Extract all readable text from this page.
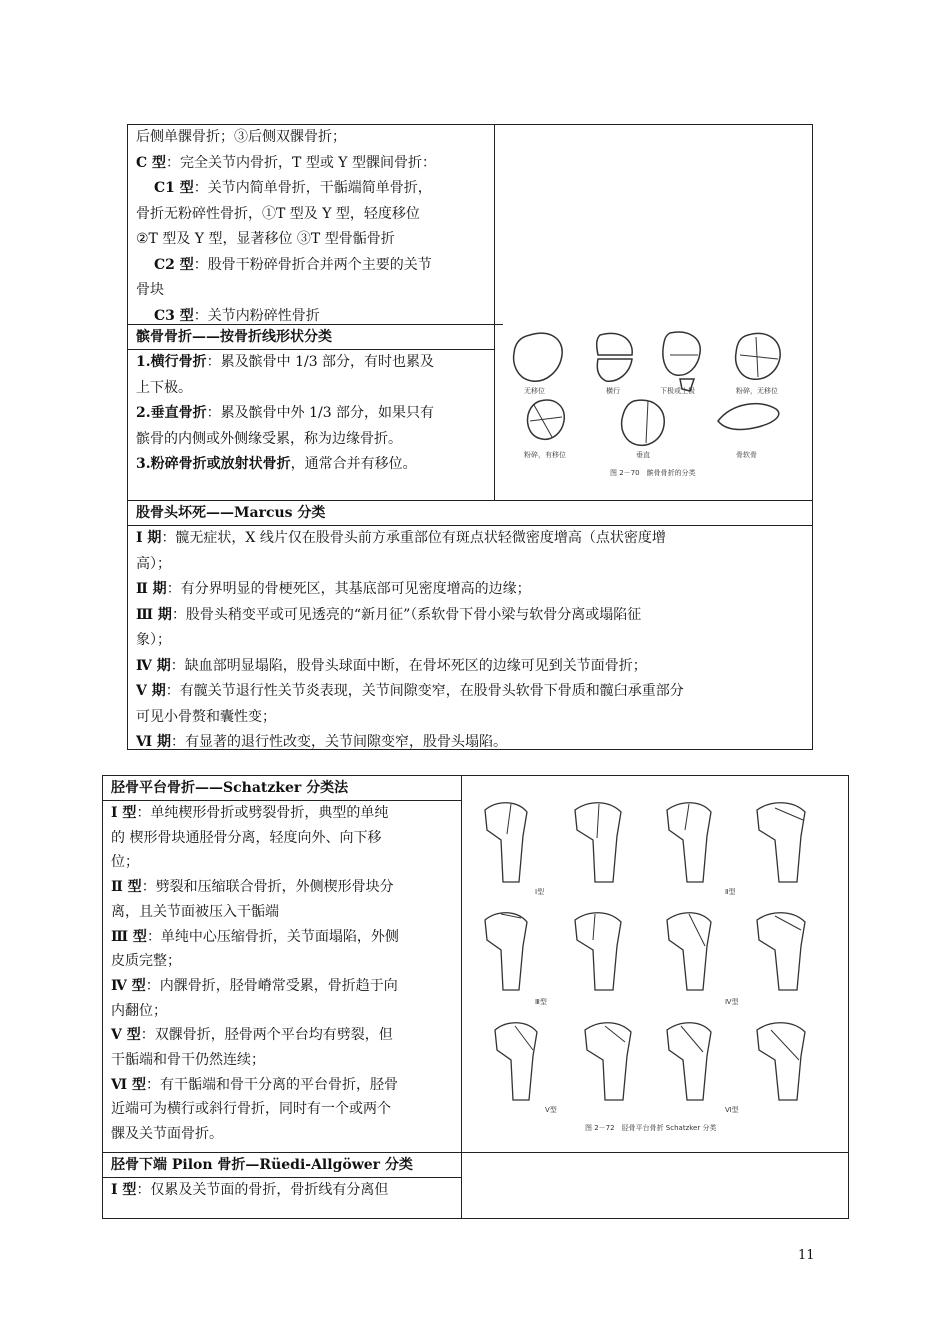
后侧单髁骨折；③后侧双髁骨折；
C 型：完全关节内骨折，T 型或 Y 型髁间骨折：
C1 型：关节内简单骨折，干骺端简单骨折，
骨折无粉碎性骨折，①T 型及 Y 型，轻度移位
②T 型及 Y 型，显著移位 ③T 型骨骺骨折
C2 型：股骨干粉碎骨折合并两个主要的关节
骨块
C3 型：关节内粉碎性骨折
髌骨骨折——按骨折线形状分类
1.横行骨折：累及髌骨中 1/3 部分，有时也累及
上下极。
2.垂直骨折：累及髌骨中外 1/3 部分，如果只有
髌骨的内侧或外侧缘受累，称为边缘骨折。
3.粉碎骨折或放射状骨折，通常合并有移位。
无移位	横行	下极或上极	粉碎，无移位
粉碎，有移位	垂直	骨软骨
图 2－70　髌骨骨折的分类
股骨头坏死——Marcus 分类
Ⅰ 期：髋无症状，X 线片仅在股骨头前方承重部位有斑点状轻微密度增高（点状密度增
高）；
Ⅱ 期：有分界明显的骨梗死区，其基底部可见密度增高的边缘；
Ⅲ 期：股骨头稍变平或可见透亮的“新月征”（系软骨下骨小梁与软骨分离或塌陷征
象）；
Ⅳ 期：缺血部明显塌陷，股骨头球面中断，在骨坏死区的边缘可见到关节面骨折；
Ⅴ 期：有髋关节退行性关节炎表现，关节间隙变窄，在股骨头软骨下骨质和髋臼承重部分
可见小骨赘和囊性变；
Ⅵ 期：有显著的退行性改变，关节间隙变窄，股骨头塌陷。
胫骨平台骨折——Schatzker 分类法
Ⅰ 型：单纯楔形骨折或劈裂骨折，典型的单纯
的 楔形骨块通胫骨分离，轻度向外、向下移
位；
Ⅱ 型：劈裂和压缩联合骨折，外侧楔形骨块分
离，且关节面被压入干骺端
Ⅲ 型：单纯中心压缩骨折，关节面塌陷，外侧
皮质完整；
Ⅳ 型：内髁骨折，胫骨嵴常受累，骨折趋于向
内翻位；
Ⅴ 型：双髁骨折，胫骨两个平台均有劈裂，但
干骺端和骨干仍然连续；
Ⅵ 型：有干骺端和骨干分离的平台骨折，胫骨
近端可为横行或斜行骨折，同时有一个或两个
髁及关节面骨折。
Ⅰ型	Ⅱ型
Ⅲ型	Ⅳ型
Ⅴ型	Ⅵ型
图 2－72　胫骨平台骨折 Schatzker 分类
胫骨下端 Pilon 骨折—Rüedi-Allgöwer 分类
Ⅰ 型：仅累及关节面的骨折，骨折线有分离但
11
